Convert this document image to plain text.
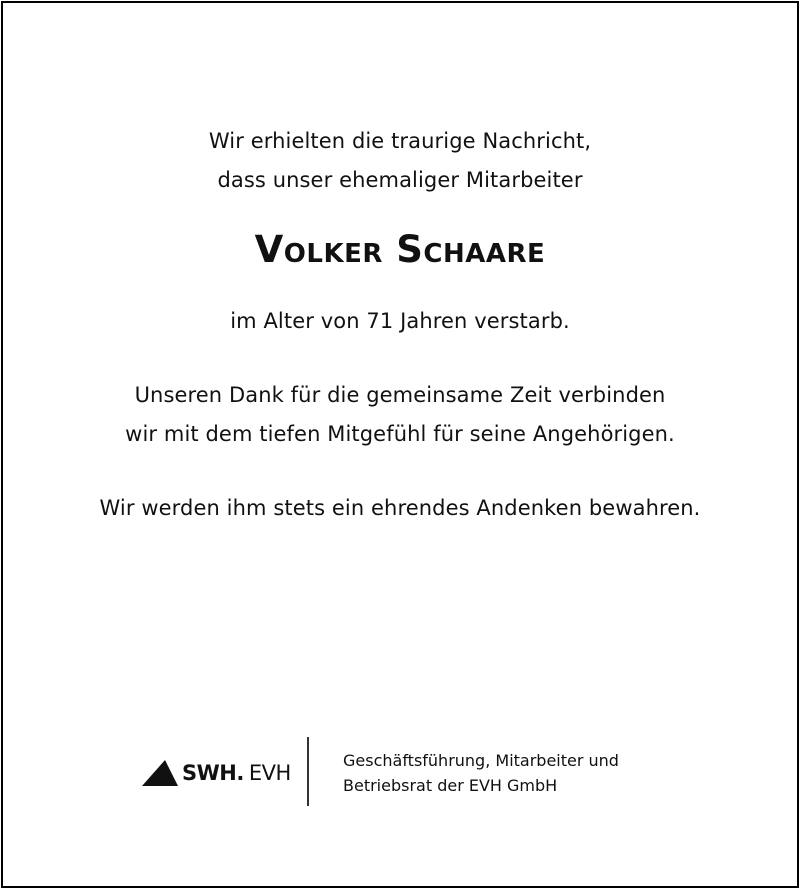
Wir erhielten die traurige Nachricht,
dass unser ehemaliger Mitarbeiter
Volker Schaare
im Alter von 71 Jahren verstarb.
Unseren Dank für die gemeinsame Zeit verbinden
wir mit dem tiefen Mitgefühl für seine Angehörigen.
Wir werden ihm stets ein ehrendes Andenken bewahren.
SWH. EVH
Geschäftsführung, Mitarbeiter und
Betriebsrat der EVH GmbH
